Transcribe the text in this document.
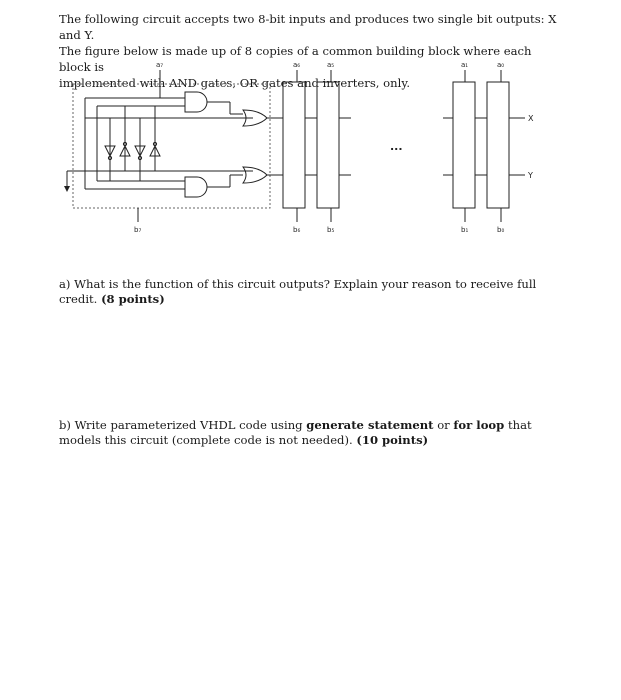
The following circuit accepts two 8-bit inputs and produces two single bit outputs: X and Y.

The figure below is made up of 8 copies of a common building block where each block is

implemented with AND gates, OR gates and inverters, only.

a₇	a₆	a₅	a₁	a₀
b₇	b₆	b₅	b₁	b₀
X
Y
...

a) What is the function of this circuit outputs? Explain your reason to receive full credit. (8 points)

b) Write parameterized VHDL code using generate statement or for loop that models this circuit (complete code is not needed). (10 points)
